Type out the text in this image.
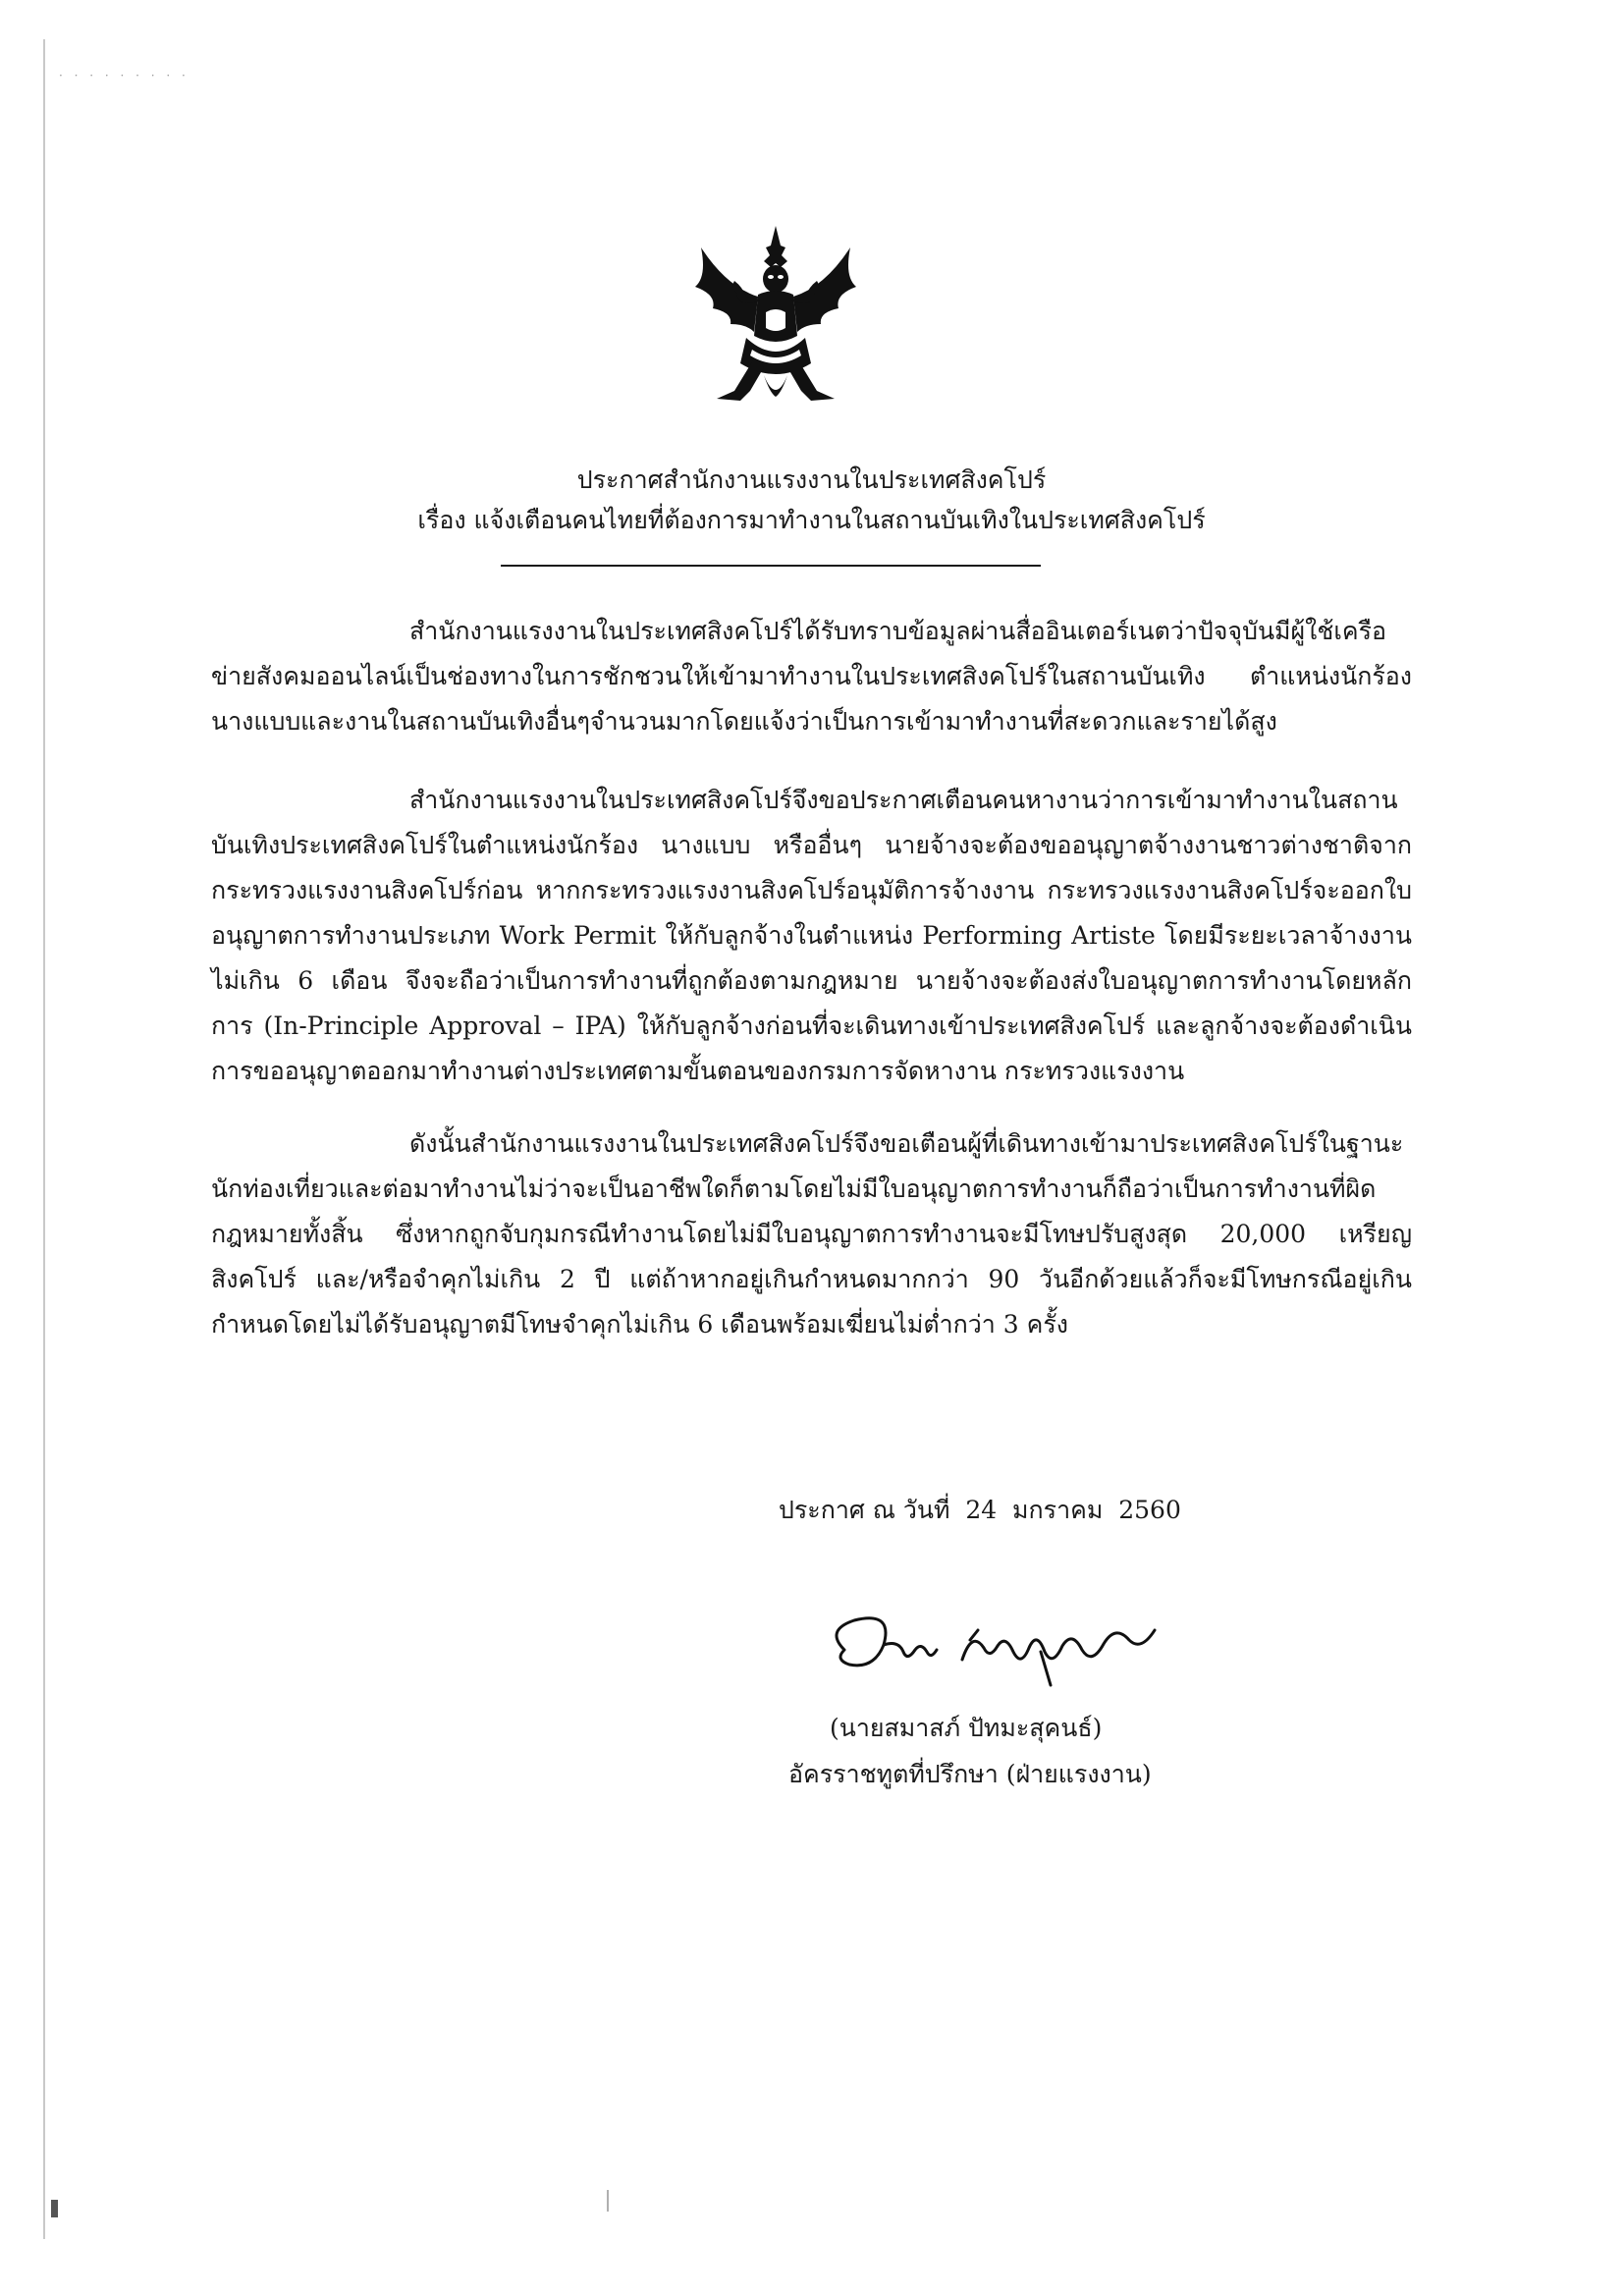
· · · · · · · · ·
ประกาศสำนักงานแรงงานในประเทศสิงคโปร์
เรื่อง แจ้งเตือนคนไทยที่ต้องการมาทำงานในสถานบันเทิงในประเทศสิงคโปร์
สำนักงานแรงงานในประเทศสิงคโปร์ได้รับทราบข้อมูลผ่านสื่ออินเตอร์เนตว่าปัจจุบันมีผู้ใช้เครือข่ายสังคมออนไลน์เป็นช่องทางในการชักชวนให้เข้ามาทำงานในประเทศสิงคโปร์ในสถานบันเทิง ตำแหน่งนักร้อง นางแบบและงานในสถานบันเทิงอื่นๆจำนวนมากโดยแจ้งว่าเป็นการเข้ามาทำงานที่สะดวกและรายได้สูง
สำนักงานแรงงานในประเทศสิงคโปร์จึงขอประกาศเตือนคนหางานว่าการเข้ามาทำงานในสถานบันเทิงประเทศสิงคโปร์ในตำแหน่งนักร้อง นางแบบ หรืออื่นๆ นายจ้างจะต้องขออนุญาตจ้างงานชาวต่างชาติจากกระทรวงแรงงานสิงคโปร์ก่อน หากกระทรวงแรงงานสิงคโปร์อนุมัติการจ้างงาน กระทรวงแรงงานสิงคโปร์จะออกใบอนุญาตการทำงานประเภท Work Permit ให้กับลูกจ้างในตำแหน่ง Performing Artiste โดยมีระยะเวลาจ้างงานไม่เกิน 6 เดือน จึงจะถือว่าเป็นการทำงานที่ถูกต้องตามกฎหมาย นายจ้างจะต้องส่งใบอนุญาตการทำงานโดยหลักการ (In-Principle Approval – IPA) ให้กับลูกจ้างก่อนที่จะเดินทางเข้าประเทศสิงคโปร์ และลูกจ้างจะต้องดำเนินการขออนุญาตออกมาทำงานต่างประเทศตามขั้นตอนของกรมการจัดหางาน กระทรวงแรงงาน
ดังนั้นสำนักงานแรงงานในประเทศสิงคโปร์จึงขอเตือนผู้ที่เดินทางเข้ามาประเทศสิงคโปร์ในฐานะนักท่องเที่ยวและต่อมาทำงานไม่ว่าจะเป็นอาชีพใดก็ตามโดยไม่มีใบอนุญาตการทำงานก็ถือว่าเป็นการทำงานที่ผิดกฎหมายทั้งสิ้น ซึ่งหากถูกจับกุมกรณีทำงานโดยไม่มีใบอนุญาตการทำงานจะมีโทษปรับสูงสุด 20,000 เหรียญสิงคโปร์ และ/หรือจำคุกไม่เกิน 2 ปี แต่ถ้าหากอยู่เกินกำหนดมากกว่า 90 วันอีกด้วยแล้วก็จะมีโทษกรณีอยู่เกินกำหนดโดยไม่ได้รับอนุญาตมีโทษจำคุกไม่เกิน 6 เดือนพร้อมเฆี่ยนไม่ต่ำกว่า 3 ครั้ง
ประกาศ ณ วันที่  24  มกราคม  2560
(นายสมาสภ์ ปัทมะสุคนธ์)
อัครราชทูตที่ปรึกษา (ฝ่ายแรงงาน)
